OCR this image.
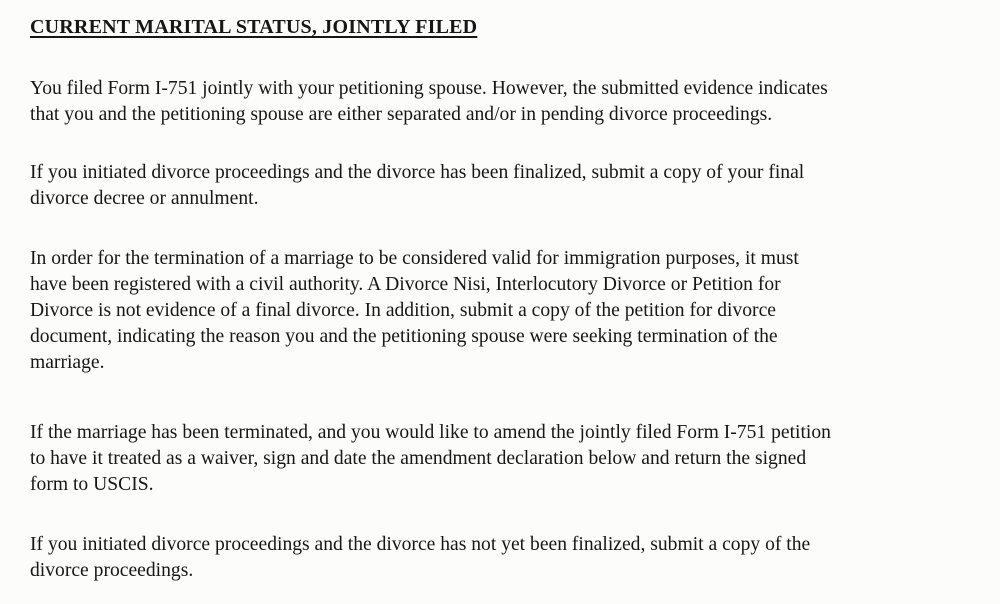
CURRENT MARITAL STATUS, JOINTLY FILED

You filed Form I-751 jointly with your petitioning spouse. However, the submitted evidence indicates
that you and the petitioning spouse are either separated and/or in pending divorce proceedings.

If you initiated divorce proceedings and the divorce has been finalized, submit a copy of your final
divorce decree or annulment.

In order for the termination of a marriage to be considered valid for immigration purposes, it must
have been registered with a civil authority. A Divorce Nisi, Interlocutory Divorce or Petition for
Divorce is not evidence of a final divorce. In addition, submit a copy of the petition for divorce
document, indicating the reason you and the petitioning spouse were seeking termination of the
marriage.

If the marriage has been terminated, and you would like to amend the jointly filed Form I-751 petition
to have it treated as a waiver, sign and date the amendment declaration below and return the signed
form to USCIS.

If you initiated divorce proceedings and the divorce has not yet been finalized, submit a copy of the
divorce proceedings.
